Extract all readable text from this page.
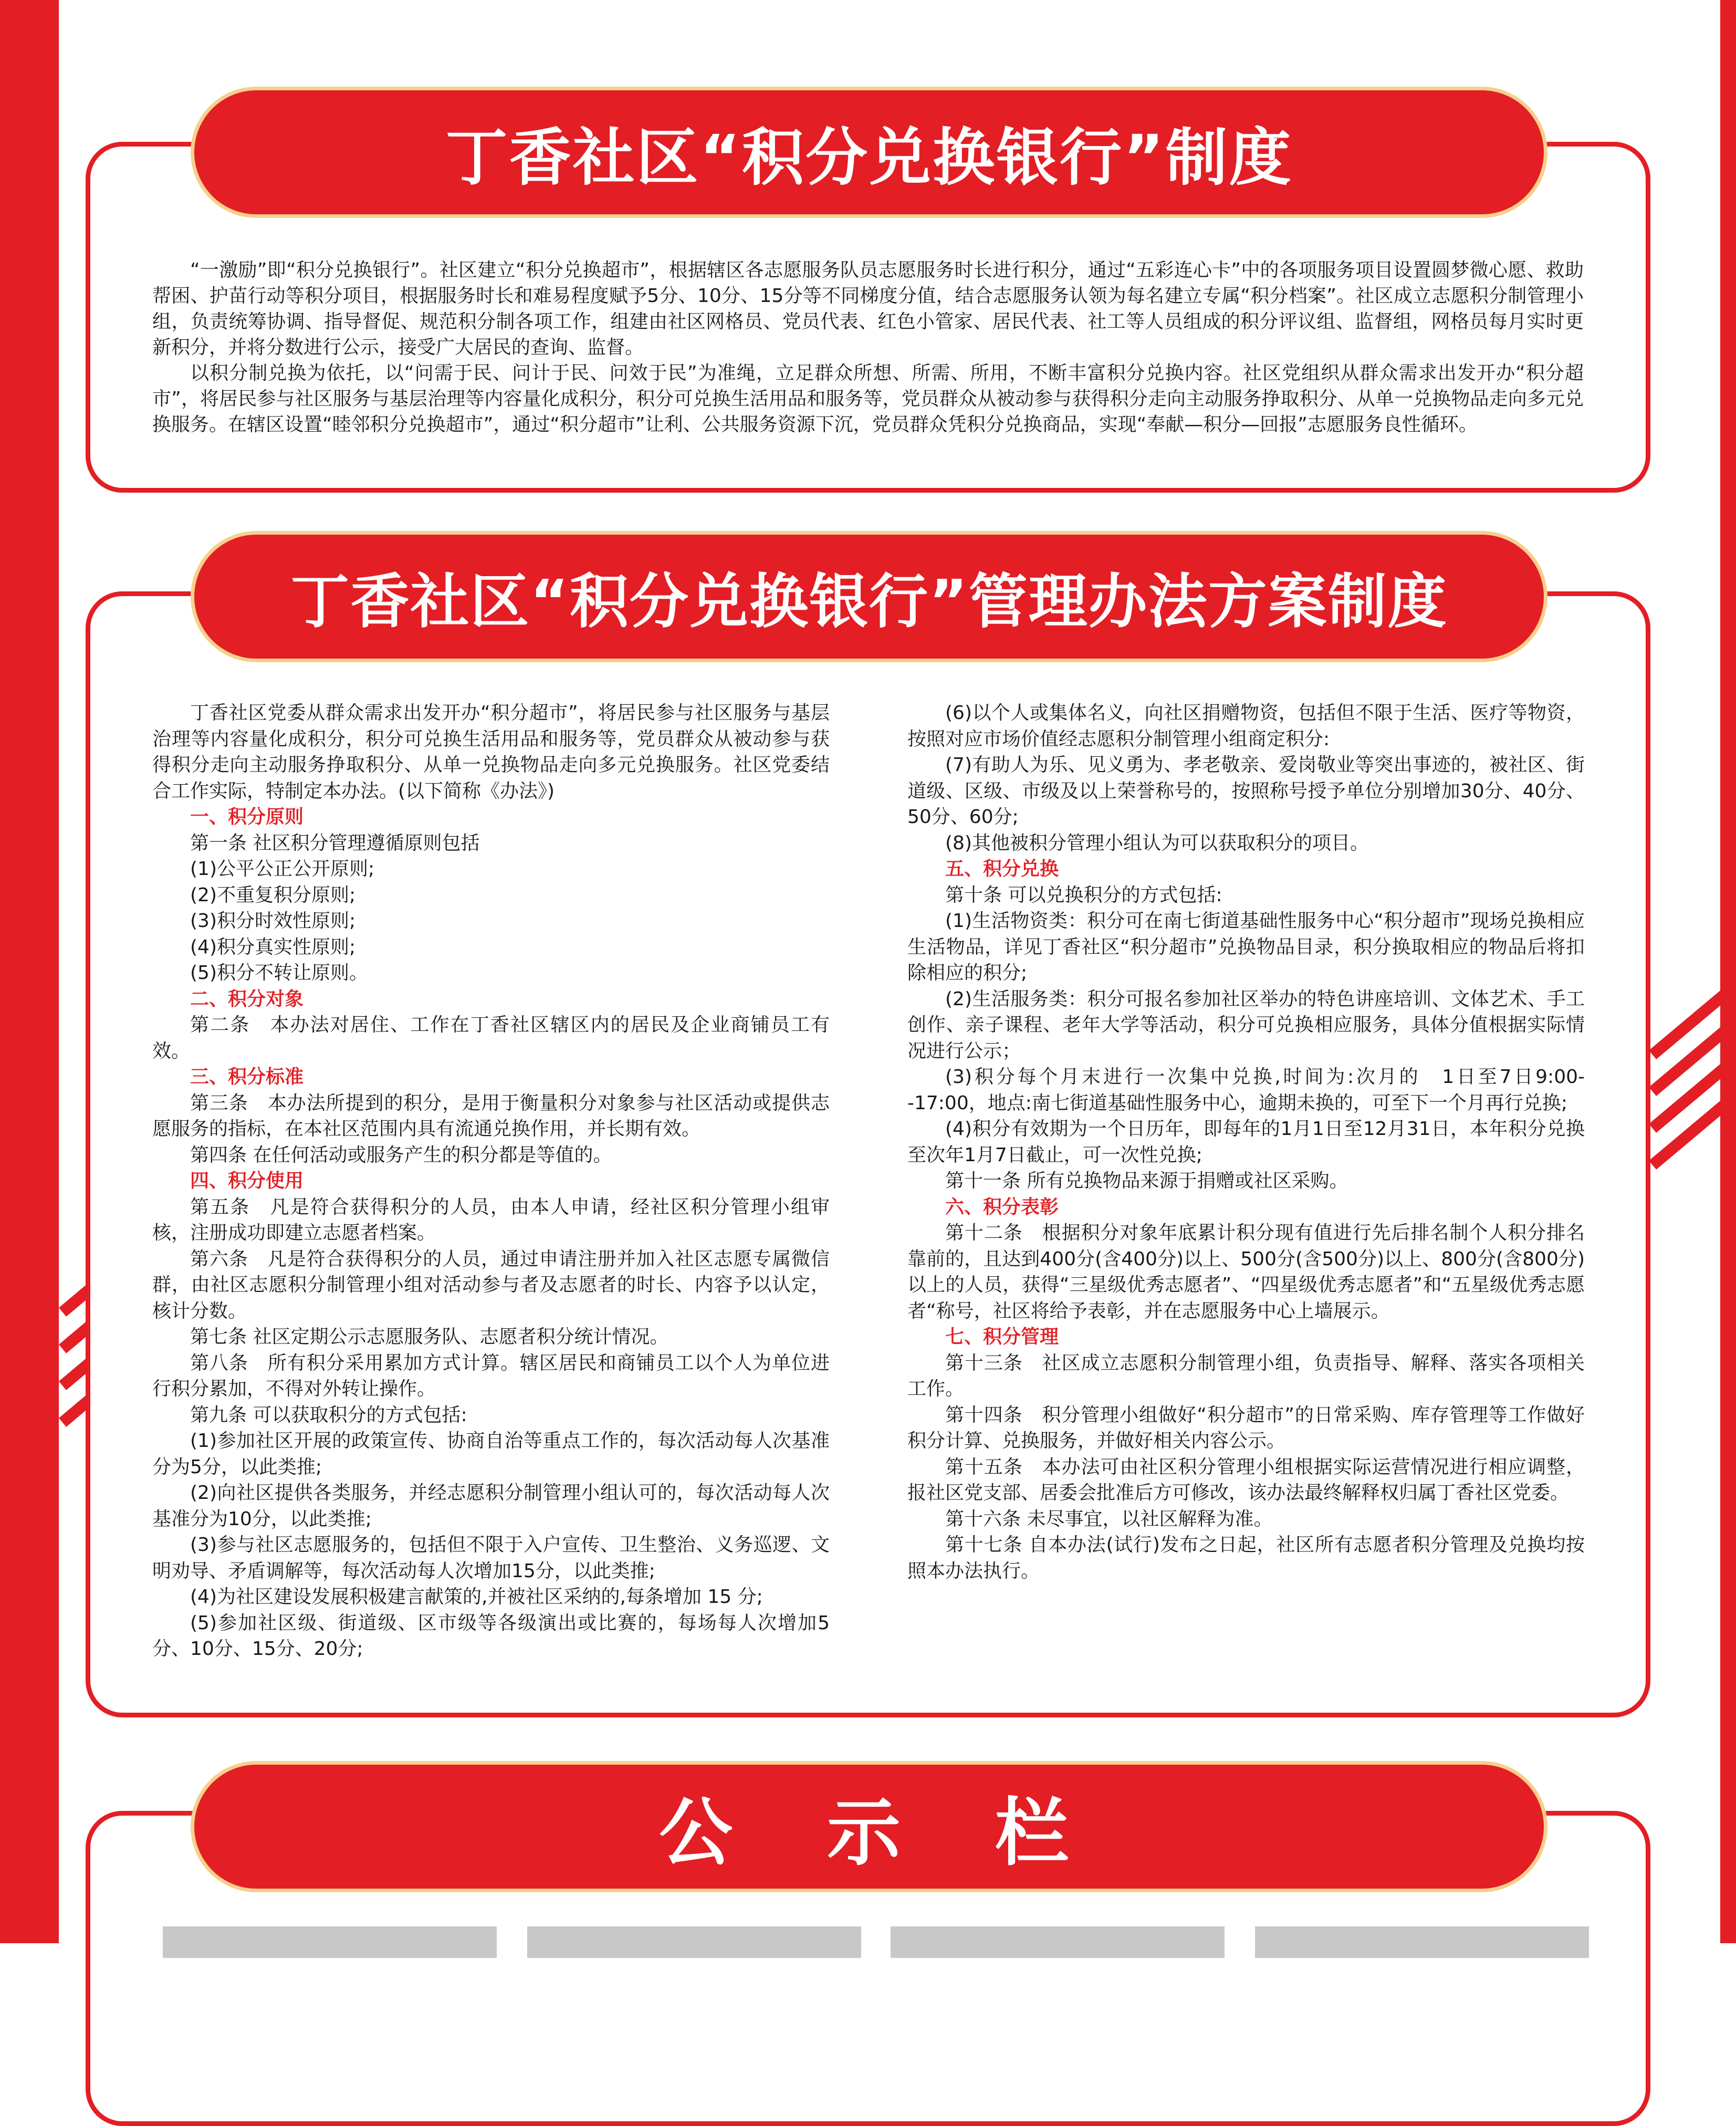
丁香社区“积分兑换银行”制度

“一激励”即“积分兑换银行”。社区建立“积分兑换超市”，根据辖区各志愿服务队员志愿服务时长进行积分，通过“五彩连心卡”中的各项服务项目设置圆梦微心愿、救助帮困、护苗行动等积分项目，根据服务时长和难易程度赋予5分、10分、15分等不同梯度分值，结合志愿服务认领为每名建立专属“积分档案”。社区成立志愿积分制管理小组，负责统筹协调、指导督促、规范积分制各项工作，组建由社区网格员、党员代表、红色小管家、居民代表、社工等人员组成的积分评议组、监督组，网格员每月实时更新积分，并将分数进行公示，接受广大居民的查询、监督。

以积分制兑换为依托，以“问需于民、问计于民、问效于民”为准绳，立足群众所想、所需、所用，不断丰富积分兑换内容。社区党组织从群众需求出发开办“积分超市”，将居民参与社区服务与基层治理等内容量化成积分，积分可兑换生活用品和服务等，党员群众从被动参与获得积分走向主动服务挣取积分、从单一兑换物品走向多元兑换服务。在辖区设置“睦邻积分兑换超市”，通过“积分超市”让利、公共服务资源下沉，党员群众凭积分兑换商品，实现“奉献—积分—回报”志愿服务良性循环。

丁香社区“积分兑换银行”管理办法方案制度

丁香社区党委从群众需求出发开办“积分超市”，将居民参与社区服务与基层治理等内容量化成积分，积分可兑换生活用品和服务等，党员群众从被动参与获得积分走向主动服务挣取积分、从单一兑换物品走向多元兑换服务。社区党委结合工作实际，特制定本办法。(以下简称《办法》)

一、积分原则

第一条 社区积分管理遵循原则包括

(1)公平公正公开原则;

(2)不重复积分原则;

(3)积分时效性原则;

(4)积分真实性原则;

(5)积分不转让原则。

二、积分对象

第二条　本办法对居住、工作在丁香社区辖区内的居民及企业商铺员工有效。

三、积分标准

第三条　本办法所提到的积分，是用于衡量积分对象参与社区活动或提供志愿服务的指标，在本社区范围内具有流通兑换作用，并长期有效。

第四条 在任何活动或服务产生的积分都是等值的。

四、积分使用

第五条　凡是符合获得积分的人员，由本人申请，经社区积分管理小组审核，注册成功即建立志愿者档案。

第六条　凡是符合获得积分的人员，通过申请注册并加入社区志愿专属微信群，由社区志愿积分制管理小组对活动参与者及志愿者的时长、内容予以认定，核计分数。

第七条 社区定期公示志愿服务队、志愿者积分统计情况。

第八条　所有积分采用累加方式计算。辖区居民和商铺员工以个人为单位进行积分累加，不得对外转让操作。

第九条 可以获取积分的方式包括:

(1)参加社区开展的政策宣传、协商自治等重点工作的，每次活动每人次基准分为5分，以此类推;

(2)向社区提供各类服务，并经志愿积分制管理小组认可的，每次活动每人次基准分为10分，以此类推;

(3)参与社区志愿服务的，包括但不限于入户宣传、卫生整治、义务巡逻、文明劝导、矛盾调解等，每次活动每人次增加15分，以此类推;

(4)为社区建设发展积极建言献策的,并被社区采纳的,每条增加 15 分;

(5)参加社区级、街道级、区市级等各级演出或比赛的，每场每人次增加5分、10分、15分、20分;

(6)以个人或集体名义，向社区捐赠物资，包括但不限于生活、医疗等物资，按照对应市场价值经志愿积分制管理小组商定积分:

(7)有助人为乐、见义勇为、孝老敬亲、爱岗敬业等突出事迹的，被社区、街道级、区级、市级及以上荣誉称号的，按照称号授予单位分别增加30分、40分、50分、60分;

(8)其他被积分管理小组认为可以获取积分的项目。

五、积分兑换

第十条 可以兑换积分的方式包括:

(1)生活物资类：积分可在南七街道基础性服务中心“积分超市”现场兑换相应生活物品，详见丁香社区“积分超市”兑换物品目录，积分换取相应的物品后将扣除相应的积分;

(2)生活服务类：积分可报名参加社区举办的特色讲座培训、文体艺术、手工创作、亲子课程、老年大学等活动，积分可兑换相应服务，具体分值根据实际情况进行公示；

(3)积分每个月末进行一次集中兑换,时间为:次月的　1日至7日9:00--17:00，地点:南七街道基础性服务中心，逾期未换的，可至下一个月再行兑换;

(4)积分有效期为一个日历年，即每年的1月1日至12月31日，本年积分兑换至次年1月7日截止，可一次性兑换;

第十一条 所有兑换物品来源于捐赠或社区采购。

六、积分表彰

第十二条　根据积分对象年底累计积分现有值进行先后排名制个人积分排名靠前的，且达到400分(含400分)以上、500分(含500分)以上、800分(含800分)以上的人员，获得“三星级优秀志愿者”、“四星级优秀志愿者”和“五星级优秀志愿者“称号，社区将给予表彰，并在志愿服务中心上墙展示。

七、积分管理

第十三条　社区成立志愿积分制管理小组，负责指导、解释、落实各项相关工作。

第十四条　积分管理小组做好“积分超市”的日常采购、库存管理等工作做好积分计算、兑换服务，并做好相关内容公示。

第十五条　本办法可由社区积分管理小组根据实际运营情况进行相应调整，报社区党支部、居委会批准后方可修改，该办法最终解释权归属丁香社区党委。

第十六条 未尽事宜，以社区解释为准。

第十七条 自本办法(试行)发布之日起，社区所有志愿者积分管理及兑换均按照本办法执行。

公　示　栏
